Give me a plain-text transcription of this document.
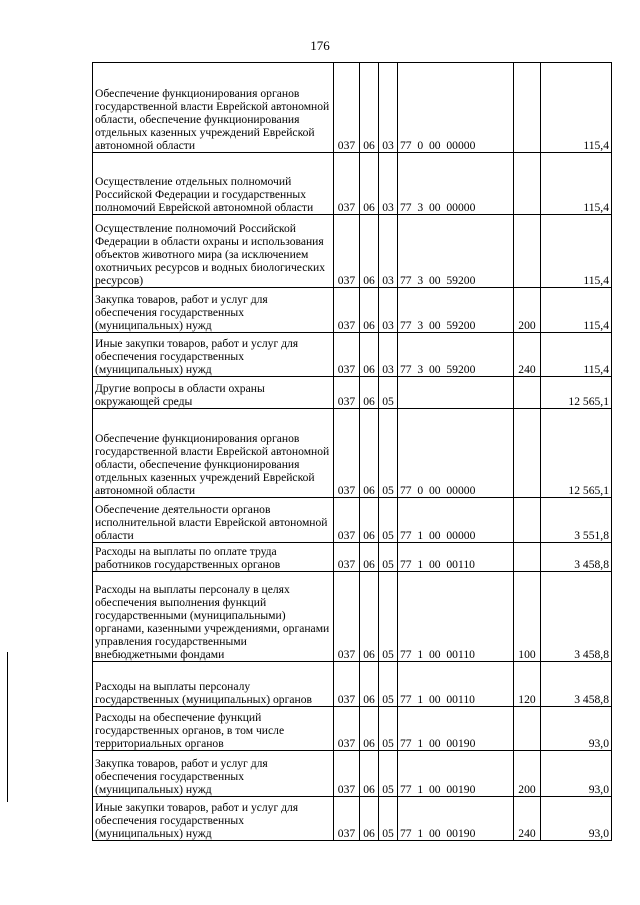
176
Обеспечение функционирования органов государственной власти Еврейской автономной области, обеспечение функционирования отдельных казенных учреждений Еврейской автономной области	037	06	03	77  0  00  00000		115,4
Осуществление отдельных полномочий Российской Федерации и государственных полномочий Еврейской автономной области	037	06	03	77  3  00  00000		115,4
Осуществление полномочий Российской Федерации в области охраны и использования объектов животного мира (за исключением охотничьих ресурсов и водных биологических ресурсов)	037	06	03	77  3  00  59200		115,4
Закупка товаров, работ и услуг для обеспечения государственных (муниципальных) нужд	037	06	03	77  3  00  59200	200	115,4
Иные закупки товаров, работ и услуг для обеспечения государственных (муниципальных) нужд	037	06	03	77  3  00  59200	240	115,4
Другие вопросы в области охраны окружающей среды	037	06	05			12 565,1
Обеспечение функционирования органов государственной власти Еврейской автономной области, обеспечение функционирования отдельных казенных учреждений Еврейской автономной области	037	06	05	77  0  00  00000		12 565,1
Обеспечение деятельности органов исполнительной власти Еврейской автономной области	037	06	05	77  1  00  00000		3 551,8
Расходы на выплаты по оплате труда работников государственных органов	037	06	05	77  1  00  00110		3 458,8
Расходы на выплаты персоналу в целях обеспечения выполнения функций государственными (муниципальными) органами, казенными учреждениями, органами управления государственными внебюджетными фондами	037	06	05	77  1  00  00110	100	3 458,8
Расходы на выплаты персоналу государственных (муниципальных) органов	037	06	05	77  1  00  00110	120	3 458,8
Расходы на обеспечение функций государственных органов, в том числе территориальных органов	037	06	05	77  1  00  00190		93,0
Закупка товаров, работ и услуг для обеспечения государственных (муниципальных) нужд	037	06	05	77  1  00  00190	200	93,0
Иные закупки товаров, работ и услуг для обеспечения государственных (муниципальных) нужд	037	06	05	77  1  00  00190	240	93,0
